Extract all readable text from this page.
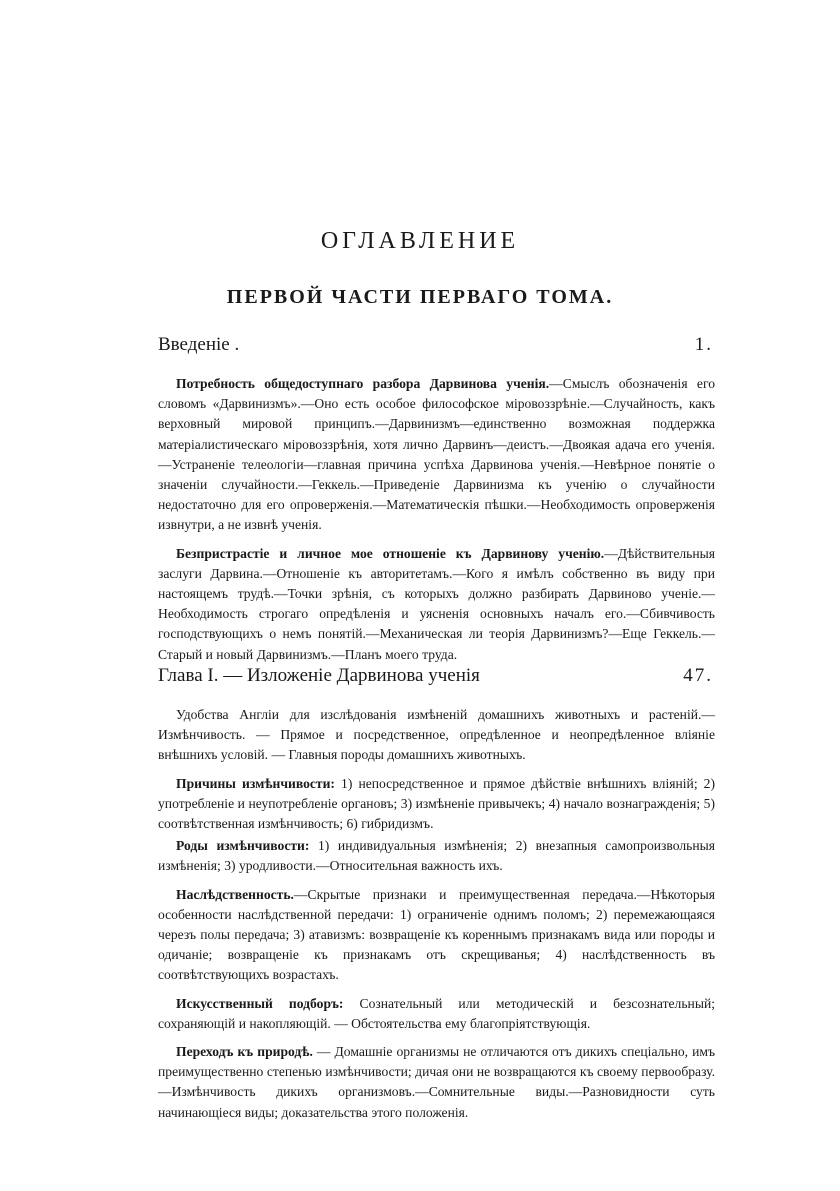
ОГЛАВЛЕНИЕ
ПЕРВОЙ ЧАСТИ ПЕРВАГО ТОМА.
Введеніе .	1.

Потребность общедоступнаго разбора Дарвинова ученія.—Смыслъ обозначенія его словомъ «Дарвинизмъ».—Оно есть особое философское міровоззрѣніе.—Случайность, какъ верховный мировой принципъ.—Дарвинизмъ—единственно возможная поддержка матеріалистическаго міровоззрѣнія, хотя лично Дарвинъ—деистъ.—Двоякая адача его ученія.—Устраненіе телеологіи—главная причина успѣха Дарвинова ученія.—Невѣрное понятіе о значеніи случайности.—Геккель.—Приведеніе Дарвинизма къ ученію о случайности недостаточно для его опроверженія.—Математическія пѣшки.—Необходимость опроверженія извнутри, а не извнѣ ученія.

Безпристрастіе и личное мое отношеніе къ Дарвинову ученію.—Дѣйствительныя заслуги Дарвина.—Отношеніе къ авторитетамъ.—Кого я имѣлъ собственно въ виду при настоящемъ трудѣ.—Точки зрѣнія, съ которыхъ должно разбирать Дарвиново ученіе.—Необходимость строгаго опредѣленія и уясненія основныхъ началъ его.—Сбивчивость господствующихъ о немъ понятій.—Механическая ли теорія Дарвинизмъ?—Еще Геккель.—Старый и новый Дарвинизмъ.—Планъ моего труда.

Глава I. — Изложеніе Дарвинова ученія	47.

Удобства Англіи для изслѣдованія измѣненій домашнихъ животныхъ и растеній.—Измѣнчивость. — Прямое и посредственное, опредѣленное и неопредѣленное вліяніе внѣшнихъ условій. — Главныя породы домашнихъ животныхъ.

Причины измѣнчивости: 1) непосредственное и прямое дѣйствіе внѣшнихъ вліяній; 2) употребленіе и неупотребленіе органовъ; 3) измѣненіе привычекъ; 4) начало вознагражденія; 5) соотвѣтственная измѣнчивость; 6) гибридизмъ.

Роды измѣнчивости: 1) индивидуальныя измѣненія; 2) внезапныя самопроизвольныя измѣненія; 3) уродливости.—Относительная важность ихъ.

Наслѣдственность.—Скрытые признаки и преимущественная передача.—Нѣкоторыя особенности наслѣдственной передачи: 1) ограниченіе однимъ поломъ; 2) перемежающаяся черезъ полы передача; 3) атавизмъ: возвращеніе къ кореннымъ признакамъ вида или породы и одичаніе; возвращеніе къ признакамъ отъ скрещиванья; 4) наслѣдственность въ соотвѣтствующихъ возрастахъ.

Искусственный подборъ: Сознательный или методическій и безсознательный; сохраняющій и накопляющій. — Обстоятельства ему благопріятствующія.

Переходъ къ природѣ. — Домашніе организмы не отличаются отъ дикихъ спеціально, имъ преимущественно степенью измѣнчивости; дичая они не возвращаются къ своему первообразу.—Измѣнчивость дикихъ организмовъ.—Сомнительные виды.—Разновидности суть начинающіеся виды; доказательства этого положенія.
